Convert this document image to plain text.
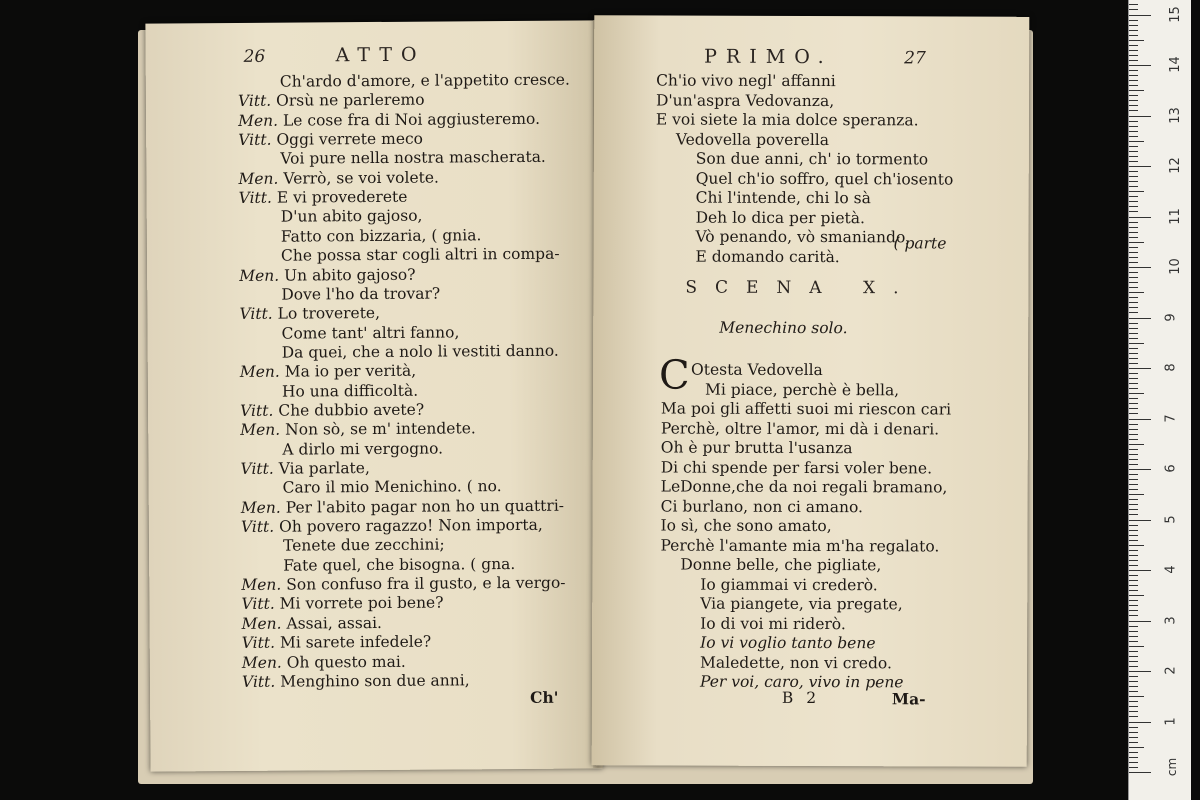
26	ATTO
Ch'ardo d'amore, e l'appetito cresce.
Vitt. Orsù ne parleremo
Men. Le cose fra di Noi aggiusteremo.
Vitt. Oggi verrete meco
Voi pure nella nostra mascherata.
Men. Verrò, se voi volete.
Vitt. E vi provederete
D'un abito gajoso,
Fatto con bizzaria, ( gnia.
Che possa star cogli altri in compa-
Men. Un abito gajoso?
Dove l'ho da trovar?
Vitt. Lo troverete,
Come tant' altri fanno,
Da quei, che a nolo li vestiti danno.
Men. Ma io per verità,
Ho una difficoltà.
Vitt. Che dubbio avete?
Men. Non sò, se m' intendete.
A dirlo mi vergogno.
Vitt. Via parlate,
Caro il mio Menichino. ( no.
Men. Per l'abito pagar non ho un quattri-
Vitt. Oh povero ragazzo! Non importa,
Tenete due zecchini;
Fate quel, che bisogna. ( gna.
Men. Son confuso fra il gusto, e la vergo-
Vitt. Mi vorrete poi bene?
Men. Assai, assai.
Vitt. Mi sarete infedele?
Men. Oh questo mai.
Vitt. Menghino son due anni,
Ch'
PRIMO.	27
Ch'io vivo negl' affanni
D'un'aspra Vedovanza,
E voi siete la mia dolce speranza.
Vedovella poverella
Son due anni, ch' io tormento
Quel ch'io soffro, quel ch'iosento
Chi l'intende, chi lo sà
Deh lo dica per pietà.
Vò penando, vò smaniando,
E domando carità.
( parte
SCENA X.
Menechino solo.
C Otesta Vedovella
Mi piace, perchè è bella,
Ma poi gli affetti suoi mi riescon cari
Perchè, oltre l'amor, mi dà i denari.
Oh è pur brutta l'usanza
Di chi spende per farsi voler bene.
LeDonne,che da noi regali bramano,
Ci burlano, non ci amano.
Io sì, che sono amato,
Perchè l'amante mia m'ha regalato.
Donne belle, che pigliate,
Io giammai vi crederò.
Via piangete, via pregate,
Io di voi mi riderò.
Io vi voglio tanto bene
Maledette, non vi credo.
Per voi, caro, vivo in pene
B 2	Ma-
cm
1
2
3
4
5
6
7
8
9
10
11
12
13
14
15
